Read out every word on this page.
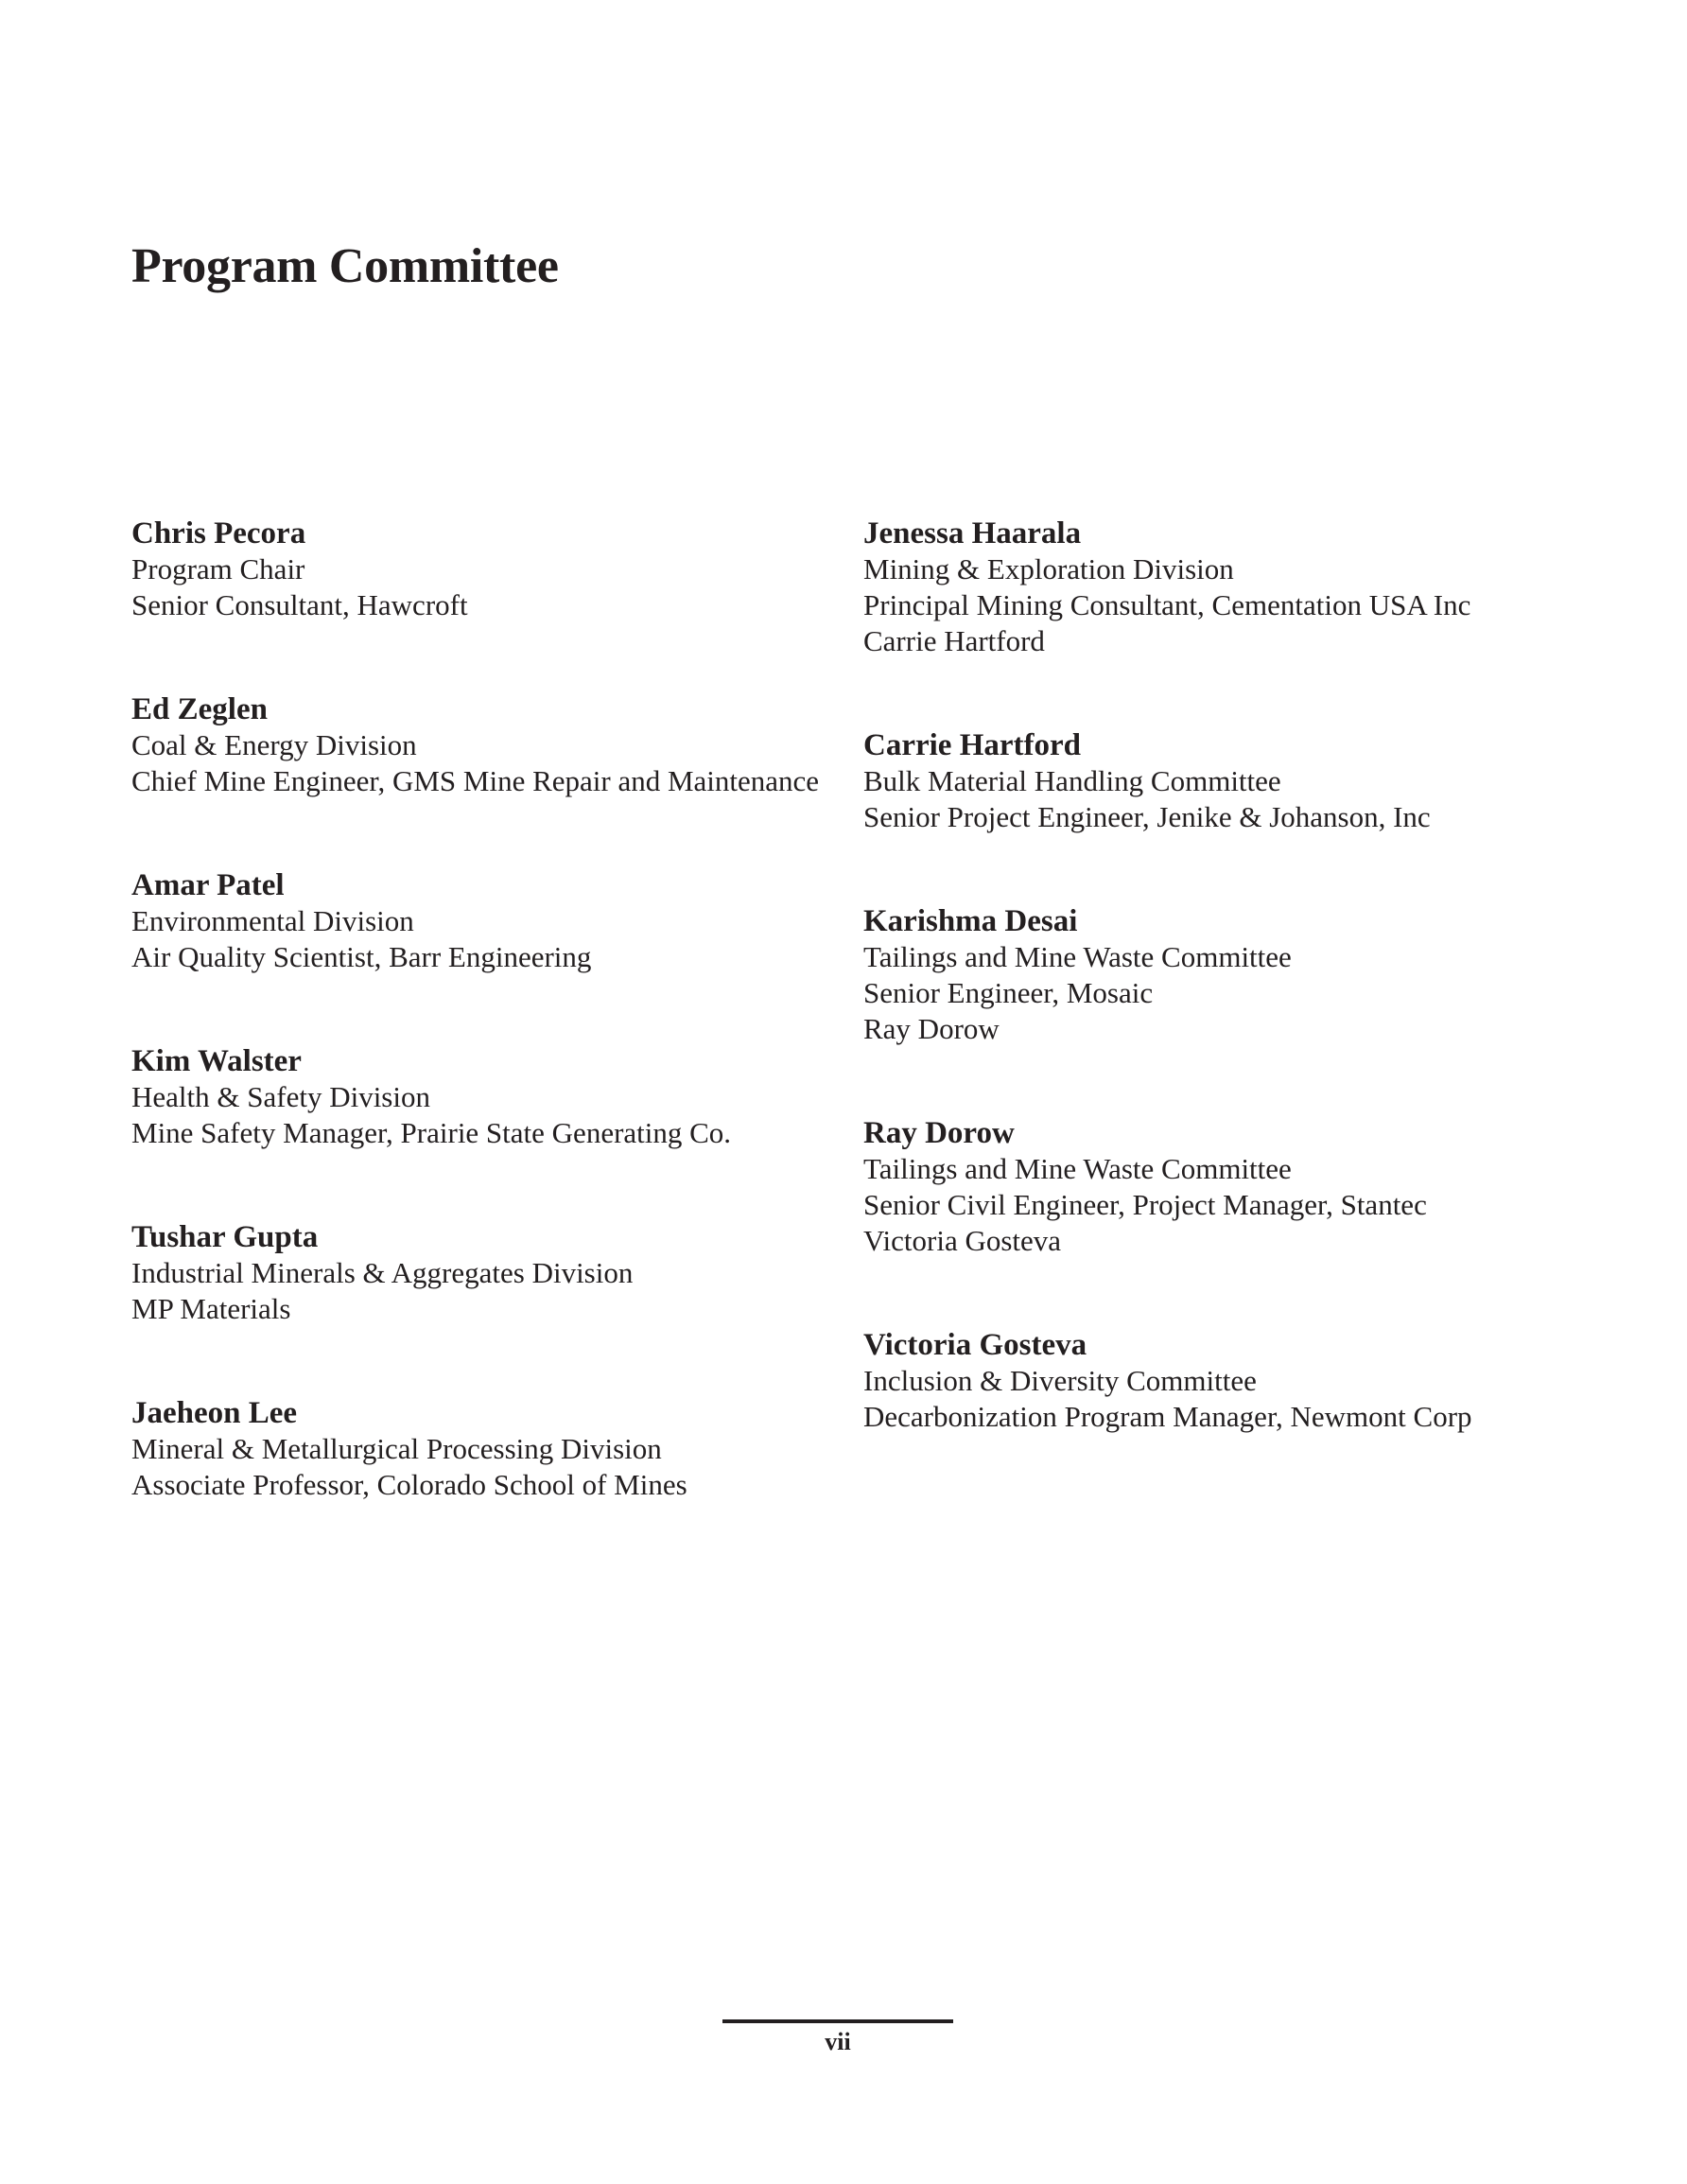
Program Committee
Chris Pecora
Program Chair
Senior Consultant, Hawcroft
Ed Zeglen
Coal & Energy Division
Chief Mine Engineer, GMS Mine Repair and Maintenance
Amar Patel
Environmental Division
Air Quality Scientist, Barr Engineering
Kim Walster
Health & Safety Division
Mine Safety Manager, Prairie State Generating Co.
Tushar Gupta
Industrial Minerals & Aggregates Division
MP Materials
Jaeheon Lee
Mineral & Metallurgical Processing Division
Associate Professor, Colorado School of Mines
Jenessa Haarala
Mining & Exploration Division
Principal Mining Consultant, Cementation USA Inc
Carrie Hartford
Carrie Hartford
Bulk Material Handling Committee
Senior Project Engineer, Jenike & Johanson, Inc
Karishma Desai
Tailings and Mine Waste Committee
Senior Engineer, Mosaic
Ray Dorow
Ray Dorow
Tailings and Mine Waste Committee
Senior Civil Engineer, Project Manager, Stantec
Victoria Gosteva
Victoria Gosteva
Inclusion & Diversity Committee
Decarbonization Program Manager, Newmont Corp
vii
